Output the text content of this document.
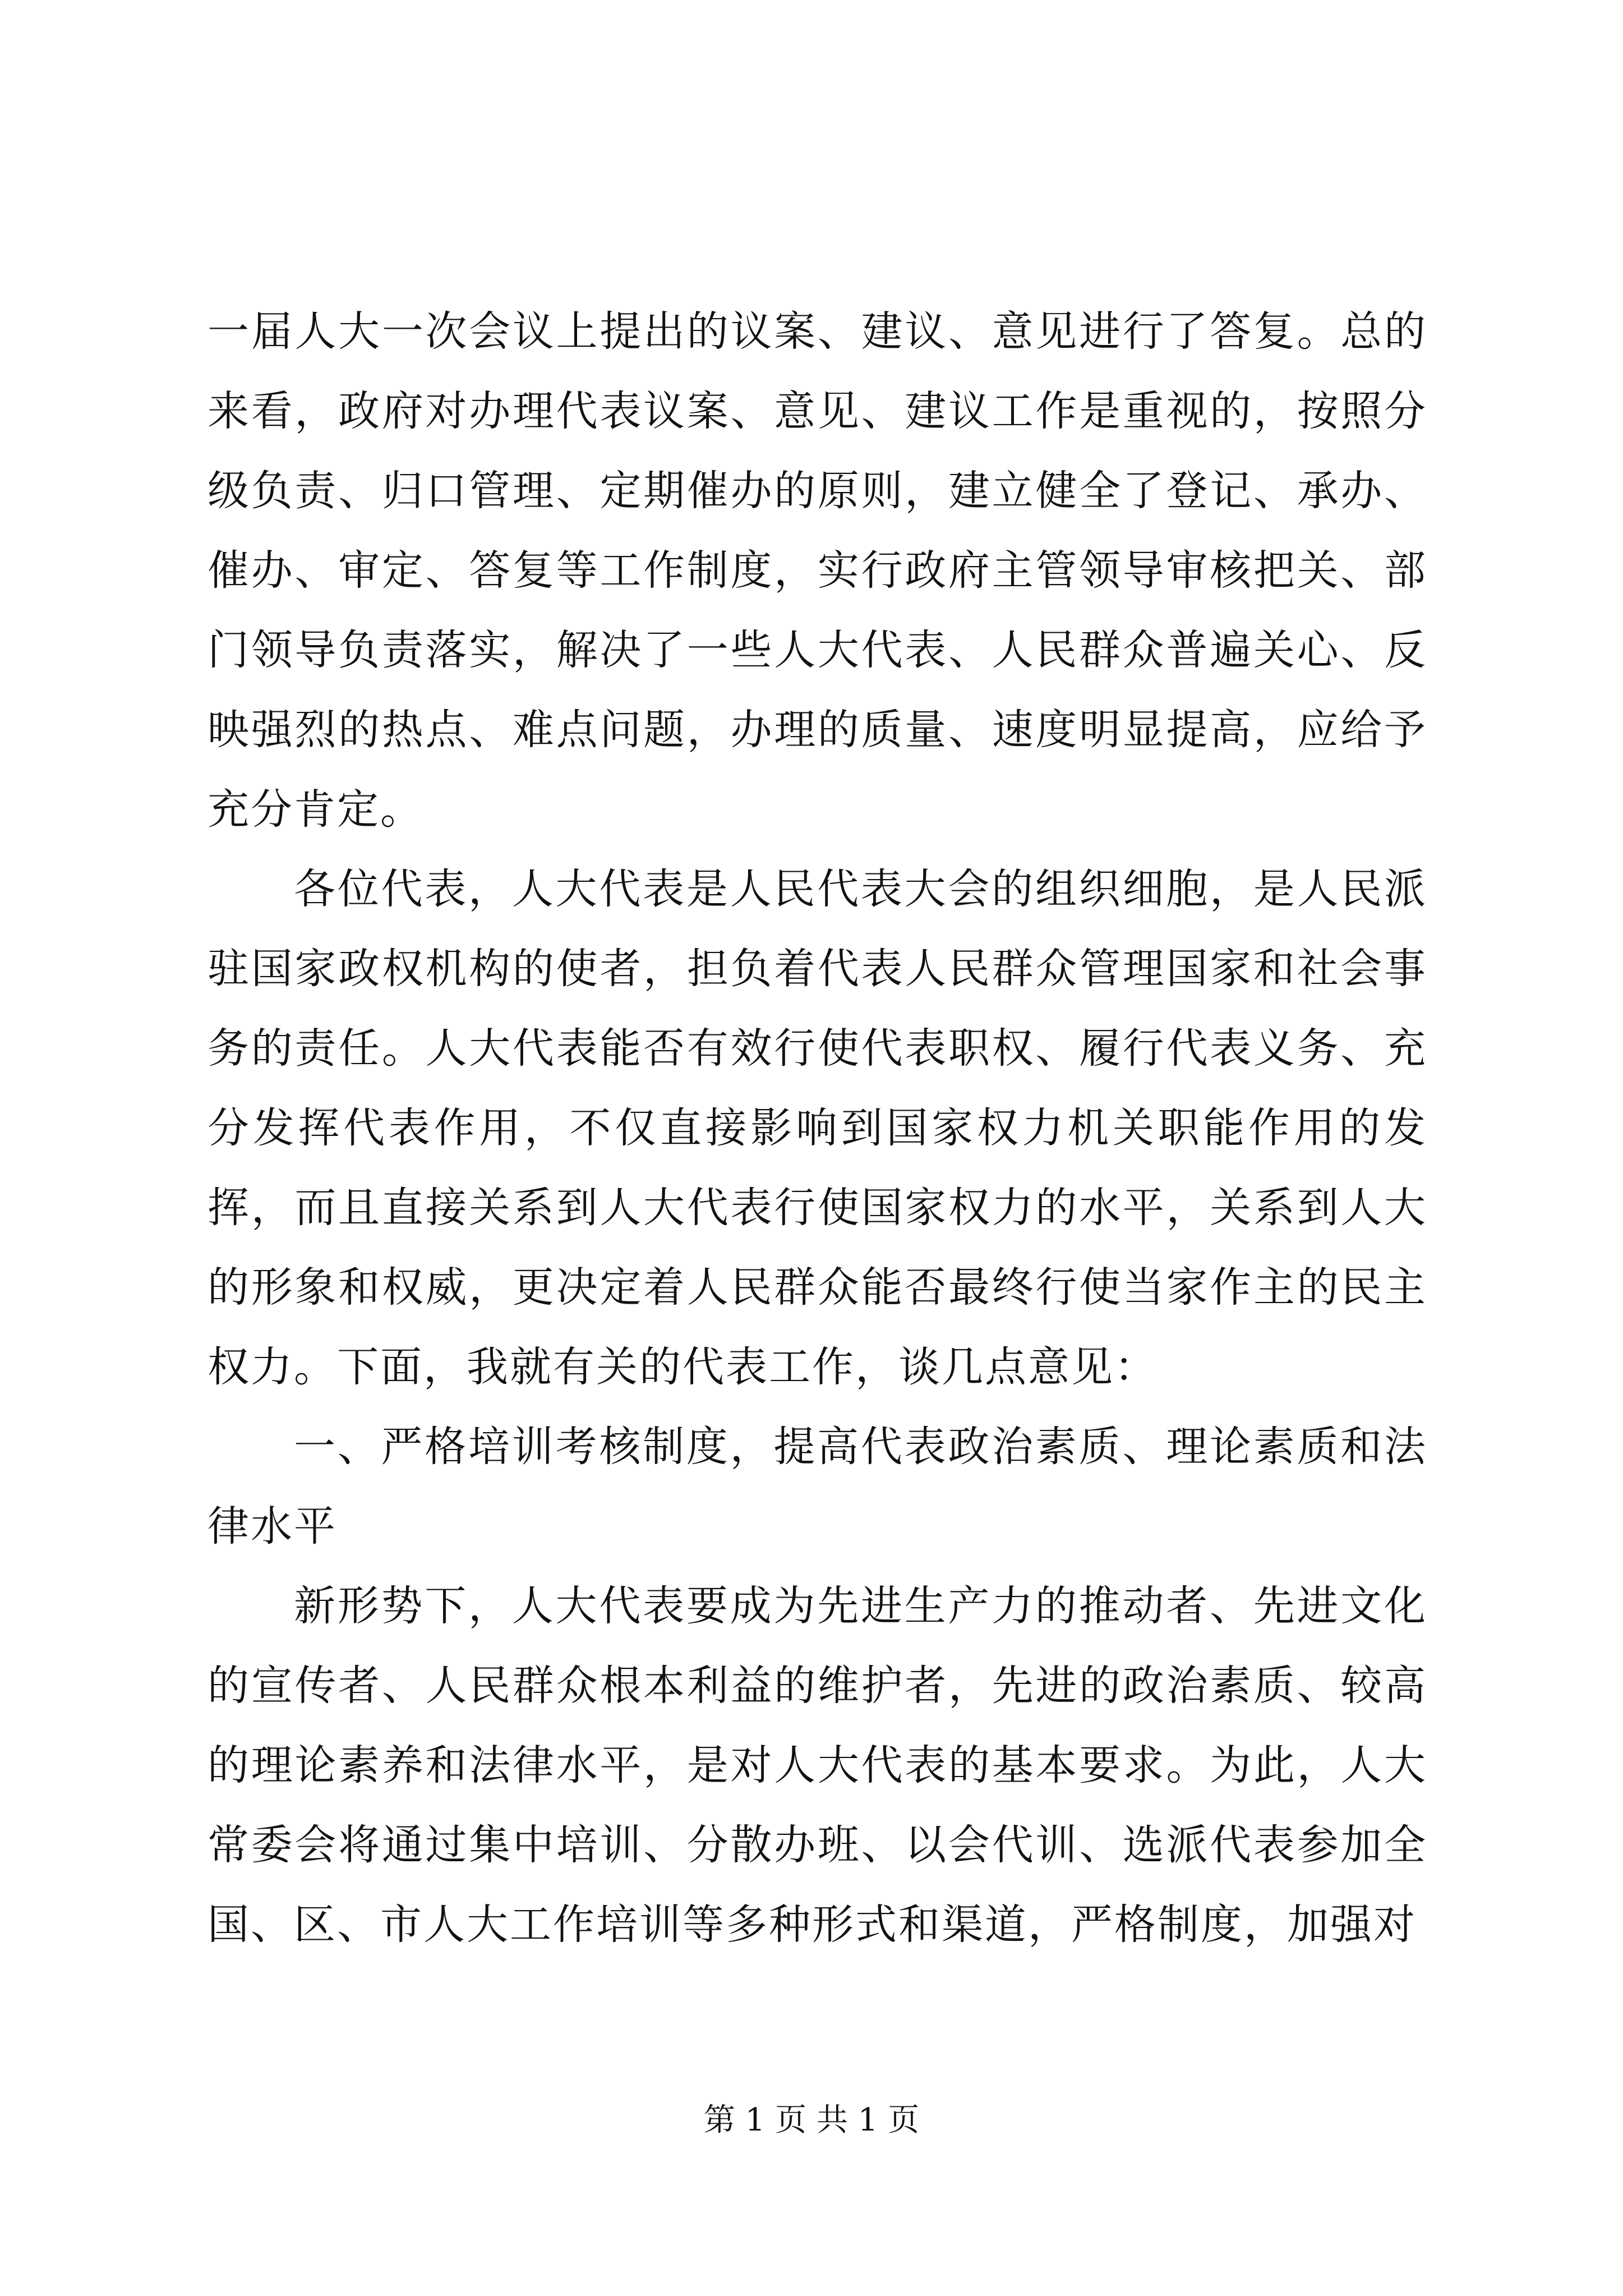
一届人大一次会议上提出的议案、建议、意见进行了答复。总的来看，政府对办理代表议案、意见、建议工作是重视的，按照分级负责、归口管理、定期催办的原则，建立健全了登记、承办、催办、审定、答复等工作制度，实行政府主管领导审核把关、部门领导负责落实，解决了一些人大代表、人民群众普遍关心、反映强烈的热点、难点问题，办理的质量、速度明显提高，应给予充分肯定。

各位代表，人大代表是人民代表大会的组织细胞，是人民派驻国家政权机构的使者，担负着代表人民群众管理国家和社会事务的责任。人大代表能否有效行使代表职权、履行代表义务、充分发挥代表作用，不仅直接影响到国家权力机关职能作用的发挥，而且直接关系到人大代表行使国家权力的水平，关系到人大的形象和权威，更决定着人民群众能否最终行使当家作主的民主权力。下面，我就有关的代表工作，谈几点意见：

一、严格培训考核制度，提高代表政治素质、理论素质和法律水平

新形势下，人大代表要成为先进生产力的推动者、先进文化的宣传者、人民群众根本利益的维护者，先进的政治素质、较高的理论素养和法律水平，是对人大代表的基本要求。为此，人大常委会将通过集中培训、分散办班、以会代训、选派代表参加全国、区、市人大工作培训等多种形式和渠道，严格制度，加强对

第 1 页 共 1 页
